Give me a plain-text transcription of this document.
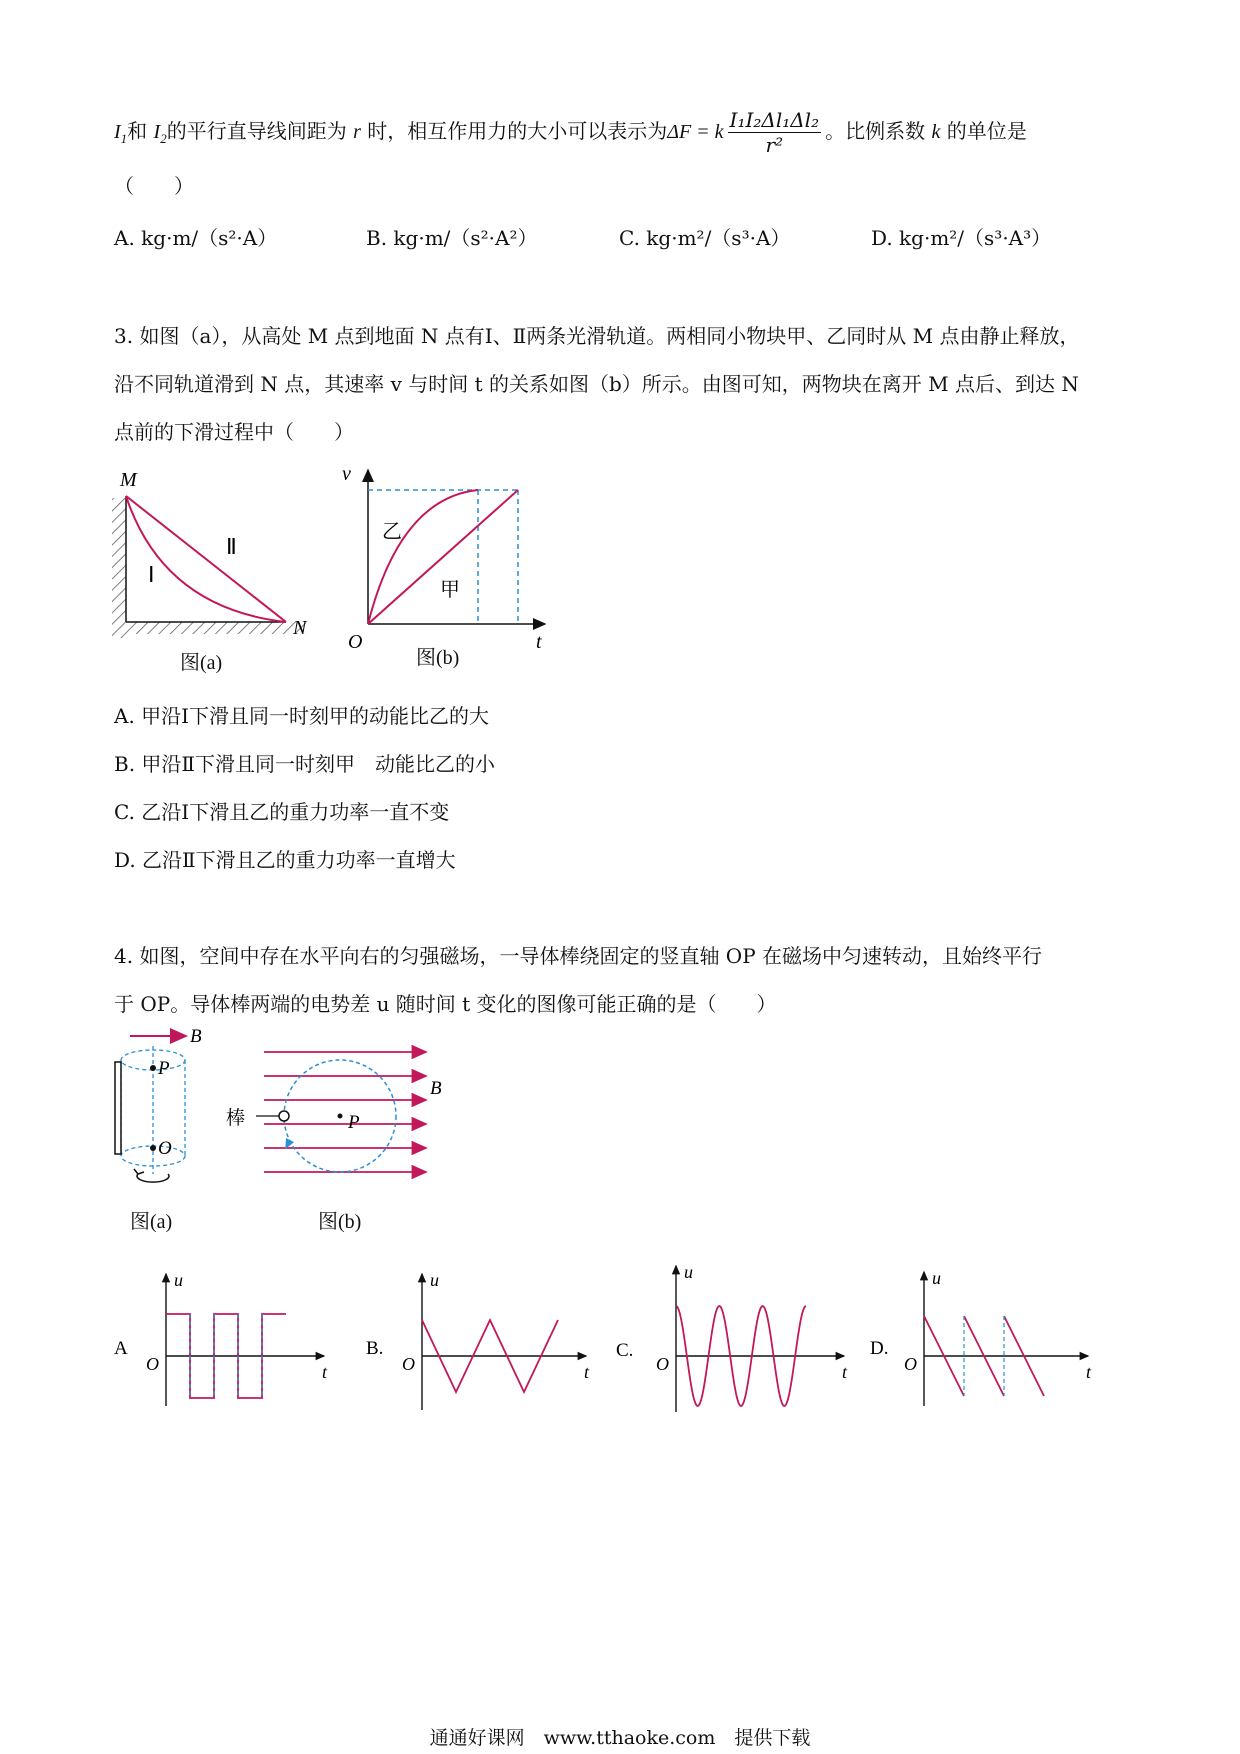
$I_1$和 $I_2$的平行直导线间距为 r 时，相互作用力的大小可以表示为ΔF = k $\frac{\text{I₁I₂Δl₁Δl₂}}{\text{r²}}$ 。比例系数 k 的单位是
（　　）
A. kg·m/（s²·A）	B. kg·m/（s²·A²）	C. kg·m²/（s³·A）	D. kg·m²/（s³·A³）
3. 如图（a），从高处 M 点到地面 N 点有Ⅰ、Ⅱ两条光滑轨道。两相同小物块甲、乙同时从 M 点由静止释放，
沿不同轨道滑到 N 点，其速率 v 与时间 t 的关系如图（b）所示。由图可知，两物块在离开 M 点后、到达 N
点前的下滑过程中（　　）
M
N
Ⅰ
Ⅱ
图(a)
v
t
O
乙
甲
图(b)
A. 甲沿Ⅰ下滑且同一时刻甲的动能比乙的大
B. 甲沿Ⅱ下滑且同一时刻甲　动能比乙的小
C. 乙沿Ⅰ下滑且乙的重力功率一直不变
D. 乙沿Ⅱ下滑且乙的重力功率一直增大
4. 如图，空间中存在水平向右的匀强磁场，一导体棒绕固定的竖直轴 OP 在磁场中匀速转动，且始终平行
于 OP。导体棒两端的电势差 u 随时间 t 变化的图像可能正确的是（　　）
B
P
O
图(a)
P
B
棒
图(b)
A
u
O	t
B.
u
O	t
C.
u
O	t
D.
u
O	t
通通好课网　www.tthaoke.com　提供下载
